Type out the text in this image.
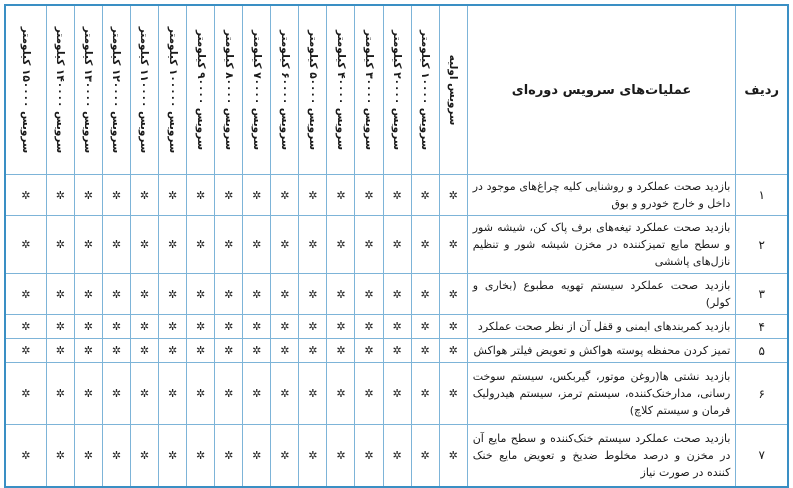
ردیف	عملیات‌های سرویس دوره‌ای	سرویس اولیه	سرویس ۱۰۰۰۰ کیلومتر	سرویس ۲۰۰۰۰ کیلومتر	سرویس ۳۰۰۰۰ کیلومتر	سرویس ۴۰۰۰۰ کیلومتر	سرویس ۵۰۰۰۰ کیلومتر	سرویس ۶۰۰۰۰ کیلومتر	سرویس ۷۰۰۰۰ کیلومتر	سرویس ۸۰۰۰۰ کیلومتر	سرویس ۹۰۰۰۰ کیلومتر	سرویس ۱۰۰۰۰۰ کیلومتر	سرویس ۱۱۰۰۰۰ کیلومتر	سرویس ۱۲۰۰۰۰ کیلومتر	سرویس ۱۳۰۰۰۰ کیلومتر	سرویس ۱۴۰۰۰۰ کیلومتر	سرویس ۱۵۰۰۰۰ کیلومتر

۱	بازدید صحت عملکرد و روشنایی کلیه چراغ‌های موجود در داخل و خارج خودرو و بوق	✲	✲	✲	✲	✲	✲	✲	✲	✲	✲	✲	✲	✲	✲	✲	✲
۲	بازدید صحت عملکرد تیغه‌های برف پاک کن، شیشه شور و سطح مایع تمیزکننده در مخزن شیشه شور و تنظیم نازل‌های پاششی	✲	✲	✲	✲	✲	✲	✲	✲	✲	✲	✲	✲	✲	✲	✲	✲
۳	بازدید صحت عملکرد سیستم تهویه مطبوع (بخاری و کولر)	✲	✲	✲	✲	✲	✲	✲	✲	✲	✲	✲	✲	✲	✲	✲	✲
۴	بازدید کمربندهای ایمنی و قفل آن از نظر صحت عملکرد	✲	✲	✲	✲	✲	✲	✲	✲	✲	✲	✲	✲	✲	✲	✲	✲
۵	تمیز کردن محفظه پوسته هواکش و تعویض فیلتر هواکش	✲	✲	✲	✲	✲	✲	✲	✲	✲	✲	✲	✲	✲	✲	✲	✲
۶	بازدید نشتی ها(روغن موتور، گیربکس، سیستم سوخت رسانی، مدارخنک‌کننده، سیستم ترمز، سیستم هیدرولیک فرمان و سیستم کلاچ)	✲	✲	✲	✲	✲	✲	✲	✲	✲	✲	✲	✲	✲	✲	✲	✲
۷	بازدید صحت عملکرد سیستم خنک‌کننده و سطح مایع آن در مخزن و درصد مخلوط ضدیخ و تعویض مایع خنک کننده در صورت نیاز	✲	✲	✲	✲	✲	✲	✲	✲	✲	✲	✲	✲	✲	✲	✲	✲
